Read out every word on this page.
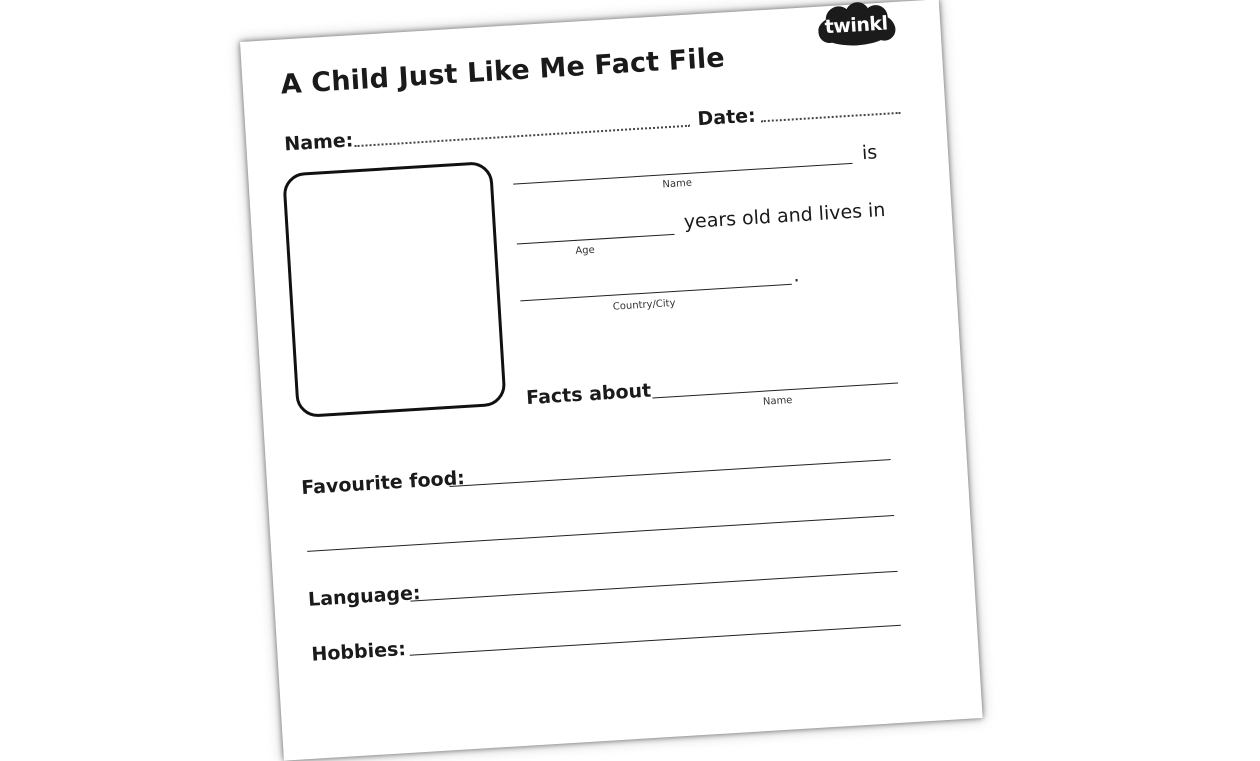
A Child Just Like Me Fact File
twinkl
Name:
Date:
is
Name
years old and lives in
Age
.
Country/City
Facts about	Name
Favourite food:
Language:
Hobbies:
